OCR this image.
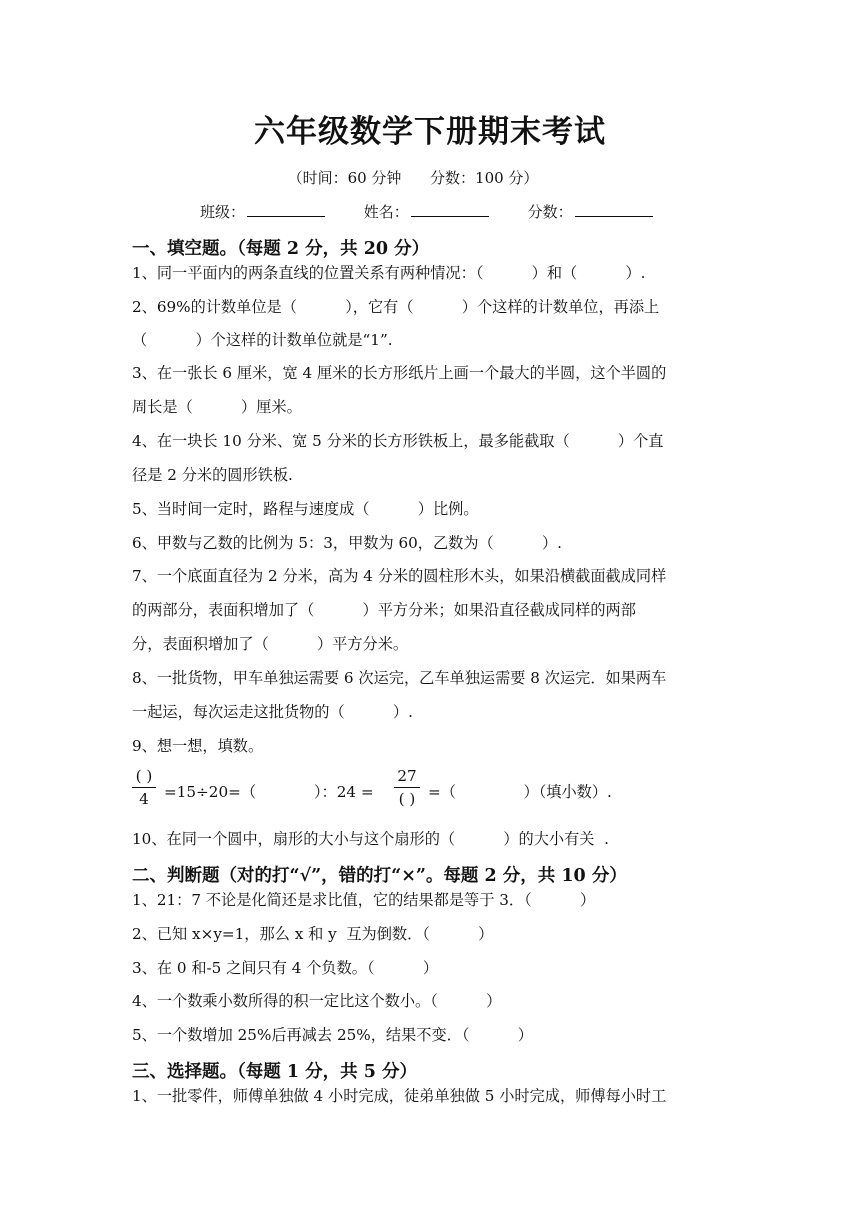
六年级数学下册期末考试
（时间：60 分钟      分数：100 分）
班级：	姓名：	分数：
一、填空题。（每题 2 分，共 20 分）
1、同一平面内的两条直线的位置关系有两种情况：（          ）和（          ）.
2、69%的计数单位是（          ），它有（          ）个这样的计数单位，再添上
（          ）个这样的计数单位就是“1”.
3、在一张长 6 厘米，宽 4 厘米的长方形纸片上画一个最大的半圆，这个半圆的
周长是（          ）厘米。
4、在一块长 10 分米、宽 5 分米的长方形铁板上，最多能截取（          ）个直
径是 2 分米的圆形铁板.
5、当时间一定时，路程与速度成（          ）比例。
6、甲数与乙数的比例为 5：3，甲数为 60，乙数为（          ）.
7、一个底面直径为 2 分米，高为 4 分米的圆柱形木头，如果沿横截面截成同样
的两部分，表面积增加了（          ）平方分米；如果沿直径截成同样的两部
分，表面积增加了（          ）平方分米。
8、一批货物，甲车单独运需要 6 次运完，乙车单独运需要 8 次运完．如果两车
一起运，每次运走这批货物的（          ）.
9、想一想，填数。
( )
4 =15÷20=（            ）：24 =
27
( ) =（              ）（填小数）.
10、在同一个圆中，扇形的大小与这个扇形的（          ）的大小有关  .
二、判断题（对的打“√”，错的打“×”。每题 2 分，共 10 分）
1、21：7 不论是化简还是求比值，它的结果都是等于 3．（          ）
2、已知 x×y=1，那么 x 和 y  互为倒数．（          ）
3、在 0 和-5 之间只有 4 个负数。（          ）
4、一个数乘小数所得的积一定比这个数小。（          ）
5、一个数增加 25%后再减去 25%，结果不变．（          ）
三、选择题。（每题 1 分，共 5 分）
1、一批零件，师傅单独做 4 小时完成，徒弟单独做 5 小时完成，师傅每小时工
